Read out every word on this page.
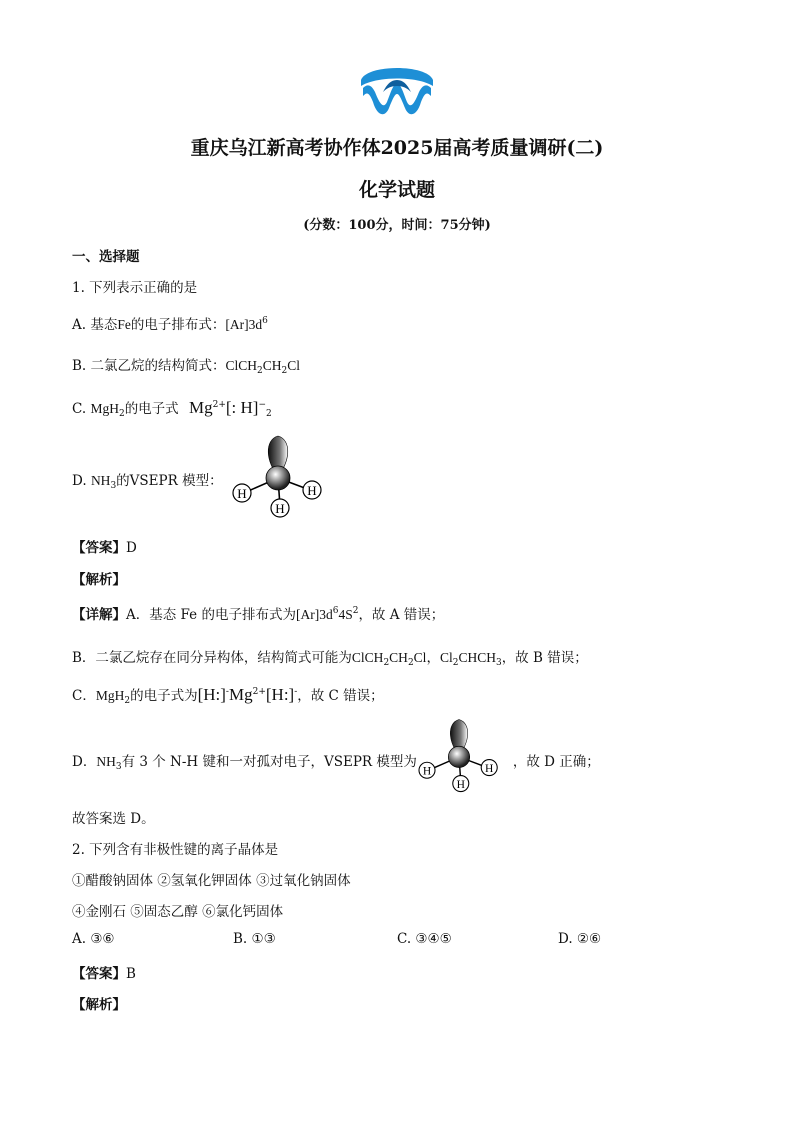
重庆乌江新高考协作体2025届高考质量调研(二)
化学试题
(分数：100分，时间：75分钟)
一、选择题
1. 下列表示正确的是
A. 基态Fe的电子排布式：$[Ar]3d^6$
B. 二氯乙烷的结构简式：$ClCH_2CH_2Cl$
C. MgH$_2$的电子式 $Mg^{2+}$[: $H]^-_2$
D. $NH_3$的VSEPR 模型：
H	H
H
【答案】D
【解析】
【详解】A．基态 Fe 的电子排布式为$[Ar]3d^64S^2$，故 A 错误；
B．二氯乙烷存在同分异构体，结构简式可能为$ClCH_2CH_2Cl$，$Cl_2CHCH_3$，故 B 错误；
C．MgH$_2$的电子式为$[H:]^-Mg^{2+}[H:]^-$，故 C 错误；
D．$NH_3$有 3 个 N-H 键和一对孤对电子，VSEPR 模型为	，故 D 正确；
H	H
H
故答案选 D。
2. 下列含有非极性键的离子晶体是
①醋酸钠固体 ②氢氧化钾固体 ③过氧化钠固体
④金刚石 ⑤固态乙醇 ⑥氯化钙固体
A. ③⑥	B. ①③	C. ③④⑤	D. ②⑥
【答案】B
【解析】
